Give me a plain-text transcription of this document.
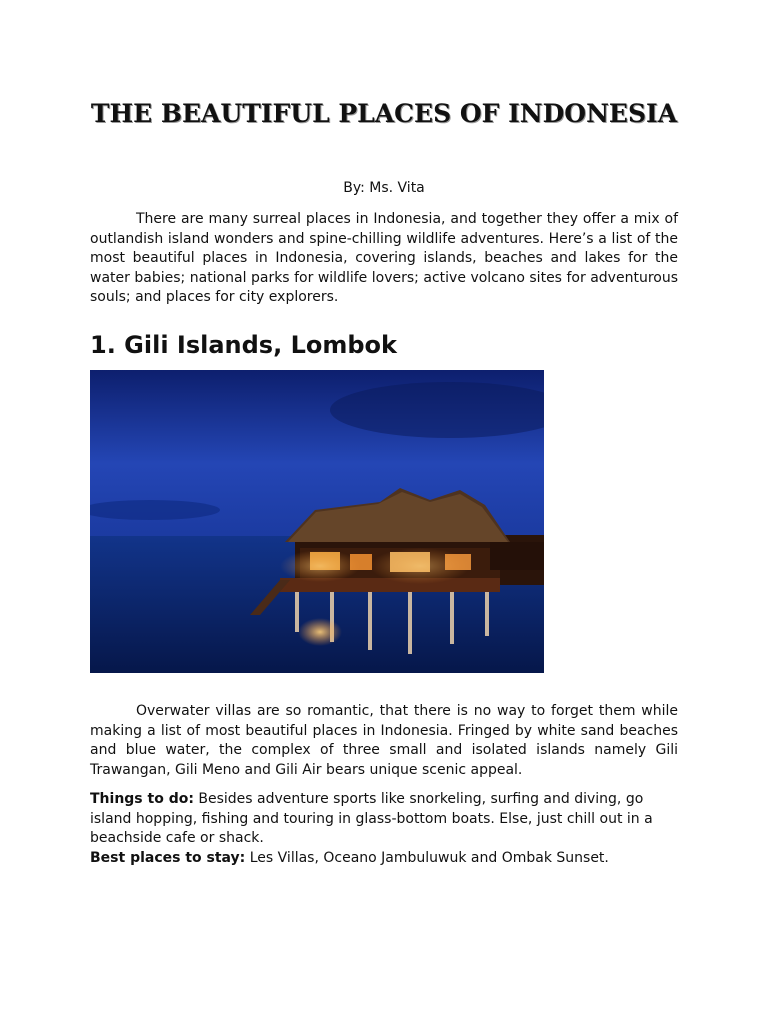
THE BEAUTIFUL PLACES OF INDONESIA
By: Ms. Vita

There are many surreal places in Indonesia, and together they offer a mix of outlandish island wonders and spine-chilling wildlife adventures. Here’s a list of the most beautiful places in Indonesia, covering islands, beaches and lakes for the water babies; national parks for wildlife lovers; active volcano sites for adventurous souls; and places for city explorers.

1. Gili Islands, Lombok

Overwater villas are so romantic, that there is no way to forget them while making a list of most beautiful places in Indonesia. Fringed by white sand beaches and blue water, the complex of three small and isolated islands namely Gili Trawangan, Gili Meno and Gili Air bears unique scenic appeal.

Things to do: Besides adventure sports like snorkeling, surfing and diving, go island hopping, fishing and touring in glass-bottom boats. Else, just chill out in a beachside cafe or shack.

Best places to stay: Les Villas, Oceano Jambuluwuk and Ombak Sunset.
